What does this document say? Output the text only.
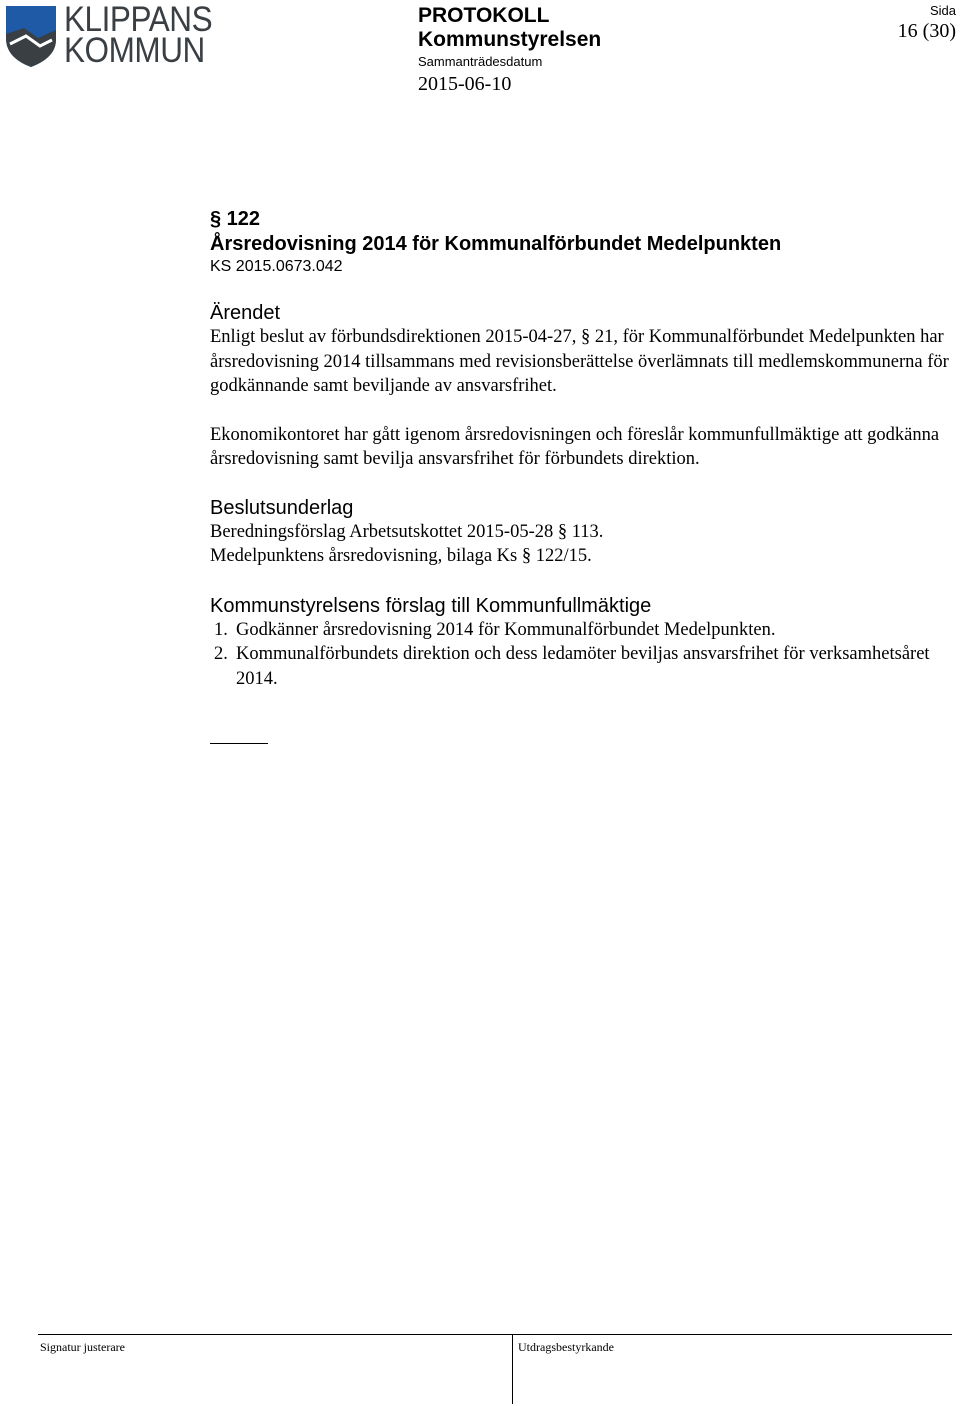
KLIPPANS
KOMMUN
PROTOKOLL
Kommunstyrelsen
Sammanträdesdatum
2015-06-10
Sida
16 (30)
§ 122
Årsredovisning 2014 för Kommunalförbundet Medelpunkten
KS 2015.0673.042
Ärendet

Enligt beslut av förbundsdirektionen 2015-04-27, § 21, för Kommunalförbundet Medelpunkten har årsredovisning 2014 tillsammans med revisionsberättelse överlämnats till medlemskommunerna för godkännande samt beviljande av ansvarsfrihet.

Ekonomikontoret har gått igenom årsredovisningen och föreslår kommunfullmäktige att godkänna årsredovisning samt bevilja ansvarsfrihet för förbundets direktion.

Beslutsunderlag

Beredningsförslag Arbetsutskottet 2015-05-28 § 113.

Medelpunktens årsredovisning, bilaga Ks § 122/15.

Kommunstyrelsens förslag till Kommunfullmäktige
1. Godkänner årsredovisning 2014 för Kommunalförbundet Medelpunkten.
2. Kommunalförbundets direktion och dess ledamöter beviljas ansvarsfrihet för verksamhetsåret 2014.
Signatur justerare	Utdragsbestyrkande
